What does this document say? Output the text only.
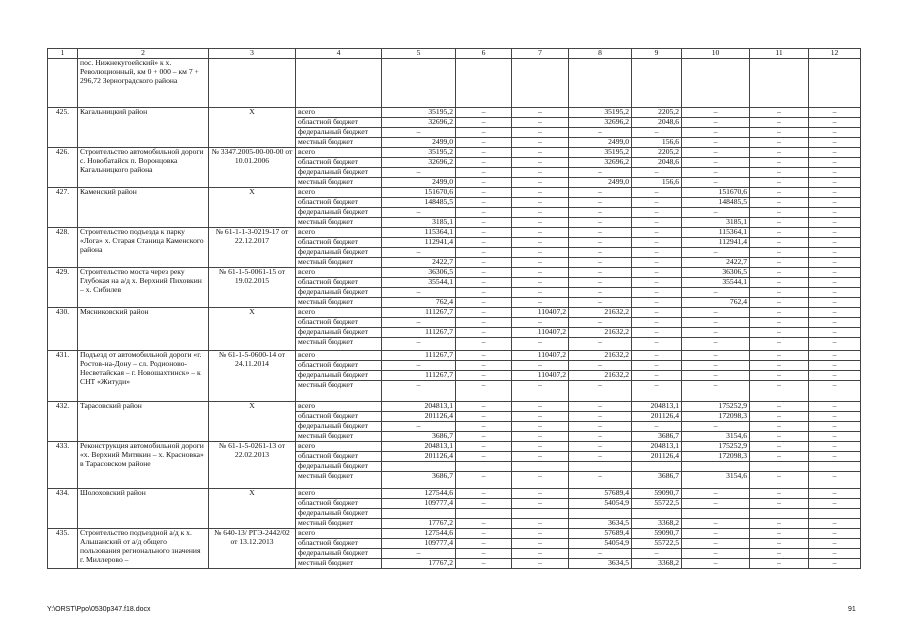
1	2	3	4	5	6	7	8	9	10	11	12
	пос. Нижнекугоейский» к х. Революционный, км 0 + 000 – км 7 + 296,72 Зерноградского района										
425.	Кагальницкий район	Х	всего	35195,2	–	–	35195,2	2205,2	–	–	–
			областной бюджет	32696,2	–	–	32696,2	2048,6	–	–	–
			федеральный бюджет	–	–	–	–	–	–	–	–
			местный бюджет	2499,0	–	–	2499,0	156,6	–	–	–
426.	Строительство автомобильной дороги с. Новобатайск п. Воронцовка Кагальницкого района	№ 3347.2005-00-00-00 от 10.01.2006	всего	35195,2	–	–	35195,2	2205,2	–	–	–
			областной бюджет	32696,2	–	–	32696,2	2048,6	–	–	–
			федеральный бюджет	–	–	–	–	–	–	–	–
			местный бюджет	2499,0	–	–	2499,0	156,6	–	–	–
427.	Каменский район	Х	всего	151670,6	–	–	–	–	151670,6	–	–
			областной бюджет	148485,5	–	–	–	–	148485,5	–	–
			федеральный бюджет	–	–	–	–	–	–	–	–
			местный бюджет	3185,1	–	–	–	–	3185,1	–	–
428.	Строительство подъезда к парку «Лога» х. Старая Станица Каменского района	№ 61-1-1-3-0219-17 от 22.12.2017	всего	115364,1	–	–	–	–	115364,1	–	–
			областной бюджет	112941,4	–	–	–	–	112941,4	–	–
			федеральный бюджет	–	–	–	–	–	–	–	–
			местный бюджет	2422,7	–	–	–	–	2422,7	–	–
429.	Строительство моста через реку Глубокая на а/д х. Верхний Пиховкин – х. Сибилев	№ 61-1-5-0061-15 от 19.02.2015	всего	36306,5	–	–	–	–	36306,5	–	–
			областной бюджет	35544,1	–	–	–	–	35544,1	–	–
			федеральный бюджет	–	–	–	–	–	–	–	–
			местный бюджет	762,4	–	–	–	–	762,4	–	–
430.	Мясниковский район	Х	всего	111267,7	–	110407,2	21632,2	–	–	–	–
			областной бюджет	–	–	–	–	–	–	–	–
			федеральный бюджет	111267,7	–	110407,2	21632,2	–	–	–	–
			местный бюджет	–	–	–	–	–	–	–	–
431.	Подъезд от автомобильной дороги «г. Ростов-на-Дону – сл. Родионово-Несветайская – г. Новошахтинск» – к СНТ «Житуди»	№ 61-1-5-0600-14 от 24.11.2014	всего	111267,7	–	110407,2	21632,2	–	–	–	–
			областной бюджет	–	–	–	–	–	–	–	–
			федеральный бюджет	111267,7	–	110407,2	21632,2	–	–	–	–
			местный бюджет	–	–	–	–	–	–	–	–
432.	Тарасовский район	Х	всего	204813,1	–	–	–	204813,1	175252,9	–	–
			областной бюджет	201126,4	–	–	–	201126,4	172098,3	–	–
			федеральный бюджет	–	–	–	–	–	–	–	–
			местный бюджет	3686,7	–	–	–	3686,7	3154,6	–	–
433.	Реконструкция автомобильной дороги «х. Верхний Митякин – х. Красновка» в Тарасовском районе	№ 61-1-5-0261-13 от 22.02.2013	всего	204813,1	–	–	–	204813,1	175252,9	–	–
			областной бюджет	201126,4	–	–	–	201126,4	172098,3	–	–
			федеральный бюджет								
			местный бюджет	3686,7	–	–	–	3686,7	3154,6	–	–
434.	Шолоховский район	Х	всего	127544,6	–	–	57689,4	59090,7	–	–	–
			областной бюджет	109777,4	–	–	54054,9	55722,5	–	–	–
			федеральный бюджет								
			местный бюджет	17767,2	–	–	3634,5	3368,2	–	–	–
435.	Строительство подъездной а/д к х. Альшанский от а/д общего пользования регионального значения г. Миллерово –	№ 640-13/ РГЭ-2442/02 от 13.12.2013	всего	127544,6	–	–	57689,4	59090,7	–	–	–
			областной бюджет	109777,4	–	–	54054,9	55722,5	–	–	–
			федеральный бюджет	–	–	–	–	–	–	–	–
			местный бюджет	17767,2	–	–	3634,5	3368,2	–	–	–
Y:\ORST\Ppo\0530p347.f18.docx	91
